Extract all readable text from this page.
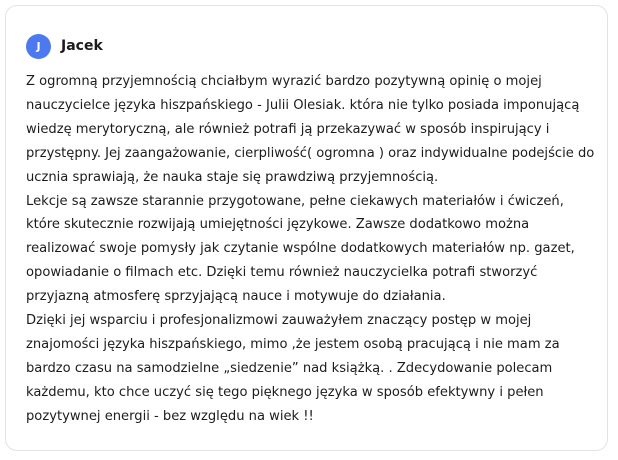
J	Jacek

Z ogromną przyjemnością chciałbym wyrazić bardzo pozytywną opinię o mojej nauczycielce języka hiszpańskiego - Julii Olesiak. która nie tylko posiada imponującą wiedzę merytoryczną, ale również potrafi ją przekazywać w sposób inspirujący i przystępny. Jej zaangażowanie, cierpliwość( ogromna ) oraz indywidualne podejście do ucznia sprawiają, że nauka staje się prawdziwą przyjemnością.

Lekcje są zawsze starannie przygotowane, pełne ciekawych materiałów i ćwiczeń, które skutecznie rozwijają umiejętności językowe. Zawsze dodatkowo można realizować swoje pomysły jak czytanie wspólne dodatkowych materiałów np. gazet, opowiadanie o filmach etc. Dzięki temu również nauczycielka potrafi stworzyć przyjazną atmosferę sprzyjającą nauce i motywuje do działania.

Dzięki jej wsparciu i profesjonalizmowi zauważyłem znaczący postęp w mojej znajomości języka hiszpańskiego, mimo ,że jestem osobą pracującą i nie mam za bardzo czasu na samodzielne „siedzenie” nad książką. . Zdecydowanie polecam każdemu, kto chce uczyć się tego pięknego języka w sposób efektywny i pełen pozytywnej energii - bez względu na wiek !!
